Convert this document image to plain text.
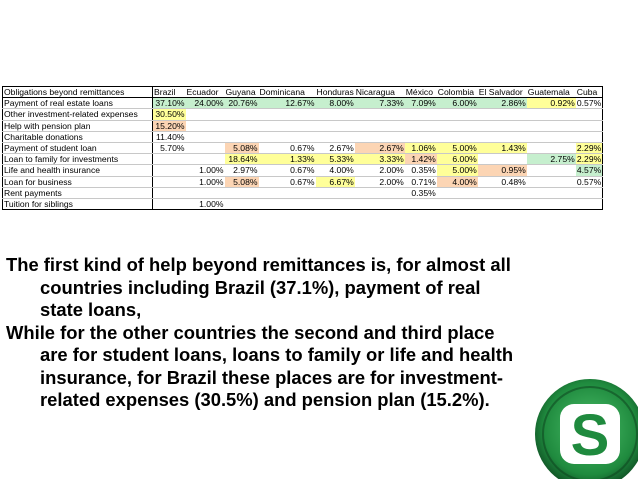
Obligations beyond remittances	Brazil	Ecuador	Guyana	Dominicana	Honduras	Nicaragua	México	Colombia	El Salvador	Guatemala	Cuba
Payment of real estate loans	37.10%	24.00%	20.76%	12.67%	8.00%	7.33%	7.09%	6.00%	2.86%	0.92%	0.57%
Other investment-related expenses	30.50%										
Help with pension plan	15.20%										
Charitable donations	11.40%										
Payment of student loan	5.70%		5.08%	0.67%	2.67%	2.67%	1.06%	5.00%	1.43%		2.29%
Loan to family for investments			18.64%	1.33%	5.33%	3.33%	1.42%	6.00%		2.75%	2.29%
Life and health insurance		1.00%	2.97%	0.67%	4.00%	2.00%	0.35%	5.00%	0.95%		4.57%
Loan for business		1.00%	5.08%	0.67%	6.67%	2.00%	0.71%	4.00%	0.48%		0.57%
Rent payments							0.35%				
Tuition for siblings		1.00%									

The first kind of help beyond remittances is, for almost all countries including Brazil (37.1%), payment of real state loans,

While for the other countries the second and third place are for student loans, loans to family or life and health insurance, for Brazil these places are for investment-related expenses (30.5%) and pension plan (15.2%).

S
